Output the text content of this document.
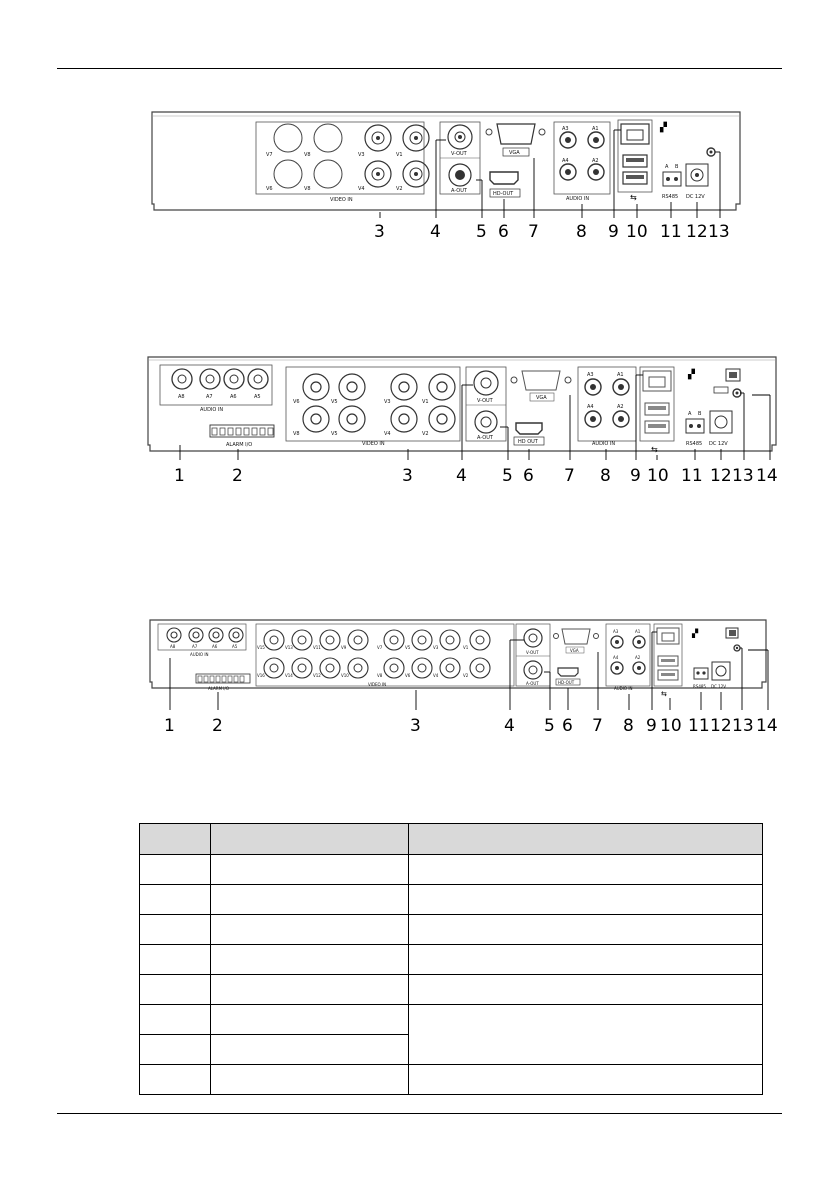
V7	V8
V6	V8
V3	V1
V4	V2
VIDEO IN
V-OUT
A-OUT
VGA
HD-OUT
A3	A1
A4	A2
AUDIO IN	⇆
▞
A B
RS485 DC 12V
3	4 5 6 7 8 9 10 11 12 13
A8	A7	A6	A5
AUDIO IN
ALARM I/O
V6	V5	V3	V1
V8	V5	V4	V2
VIDEO IN
V-OUT
A-OUT
VGA
HD OUT
A3	A1
A4	A2
AUDIO IN
⇆
▞
A B
RS485 DC 12V
1	2	3	4 5 6 7 8 9 10 11 12 13 14
A8	A7	A6	A5
AUDIO IN
ALARM I/O
V15	V13	V11	V9	V7	V5	V3	V1
V16	V14	V12	V10	V8	V6	V4	V2
VIDEO IN
V-OUT
A-OUT
VGA
HD-OUT
A3	A1
A4	A2
AUDIO IN
⇆
▞
RS485 DC 12V
1 2	3	4 5 6 7 8 9 10 11 12 13 14
